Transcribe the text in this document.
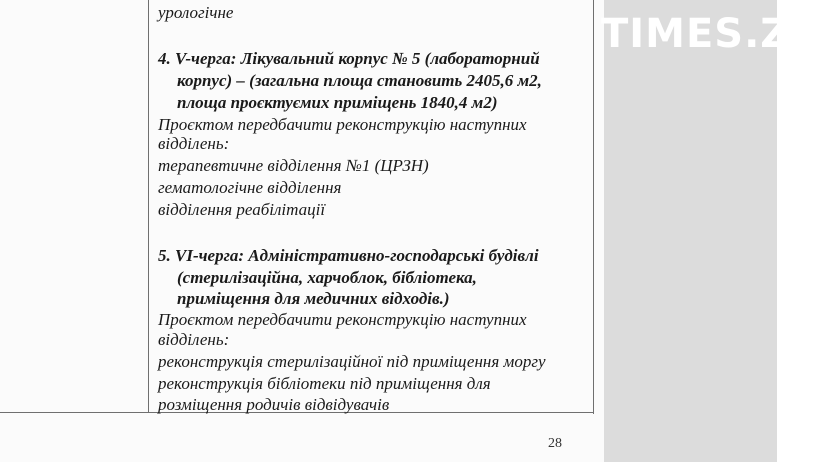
урологічне
4. V-черга: Лікувальний корпус № 5 (лабораторний
корпус) – (загальна площа становить 2405,6 м2,
площа проєктуємих приміщень 1840,4 м2)
Проєктом передбачити реконструкцію наступних
відділень:
терапевтичне відділення №1 (ЦРЗН)
гематологічне відділення
відділення реабілітації
5. VI-черга: Адміністративно-господарські будівлі
(стерилізаційна, харчоблок, бібліотека,
приміщення для медичних відходів.)
Проєктом передбачити реконструкцію наступних
відділень:
реконструкція стерилізаційної під приміщення моргу
реконструкція бібліотеки під приміщення для
розміщення родичів відвідувачів
28
TIMES.ZT
